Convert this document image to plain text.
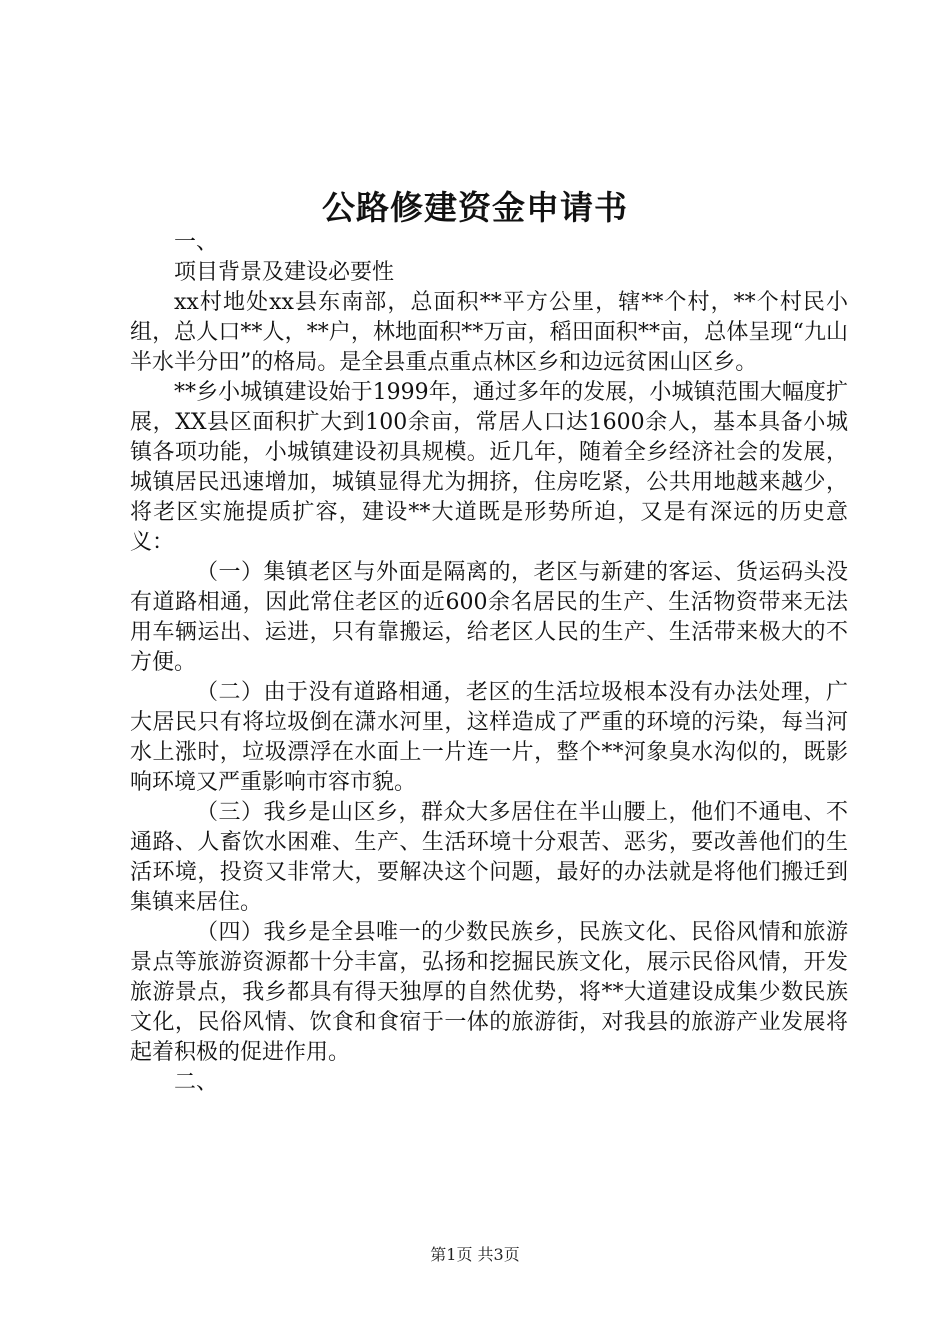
公路修建资金申请书

一、

项目背景及建设必要性

xx村地处xx县东南部，总面积**平方公里，辖**个村，**个村民小组，总人口**人，**户，林地面积**万亩，稻田面积**亩，总体呈现“九山半水半分田”的格局。是全县重点重点林区乡和边远贫困山区乡。

**乡小城镇建设始于1999年，通过多年的发展，小城镇范围大幅度扩展，XX县区面积扩大到100余亩，常居人口达1600余人，基本具备小城镇各项功能，小城镇建设初具规模。近几年，随着全乡经济社会的发展，城镇居民迅速增加，城镇显得尤为拥挤，住房吃紧，公共用地越来越少，将老区实施提质扩容，建设**大道既是形势所迫，又是有深远的历史意义：

（一）集镇老区与外面是隔离的，老区与新建的客运、货运码头没有道路相通，因此常住老区的近600余名居民的生产、生活物资带来无法用车辆运出、运进，只有靠搬运，给老区人民的生产、生活带来极大的不方便。

（二）由于没有道路相通，老区的生活垃圾根本没有办法处理，广大居民只有将垃圾倒在潇水河里，这样造成了严重的环境的污染，每当河水上涨时，垃圾漂浮在水面上一片连一片，整个**河象臭水沟似的，既影响环境又严重影响市容市貌。

（三）我乡是山区乡，群众大多居住在半山腰上，他们不通电、不通路、人畜饮水困难、生产、生活环境十分艰苦、恶劣，要改善他们的生活环境，投资又非常大，要解决这个问题，最好的办法就是将他们搬迁到集镇来居住。

（四）我乡是全县唯一的少数民族乡，民族文化、民俗风情和旅游景点等旅游资源都十分丰富，弘扬和挖掘民族文化，展示民俗风情，开发旅游景点，我乡都具有得天独厚的自然优势，将**大道建设成集少数民族文化，民俗风情、饮食和食宿于一体的旅游街，对我县的旅游产业发展将起着积极的促进作用。

二、

第1页 共3页
